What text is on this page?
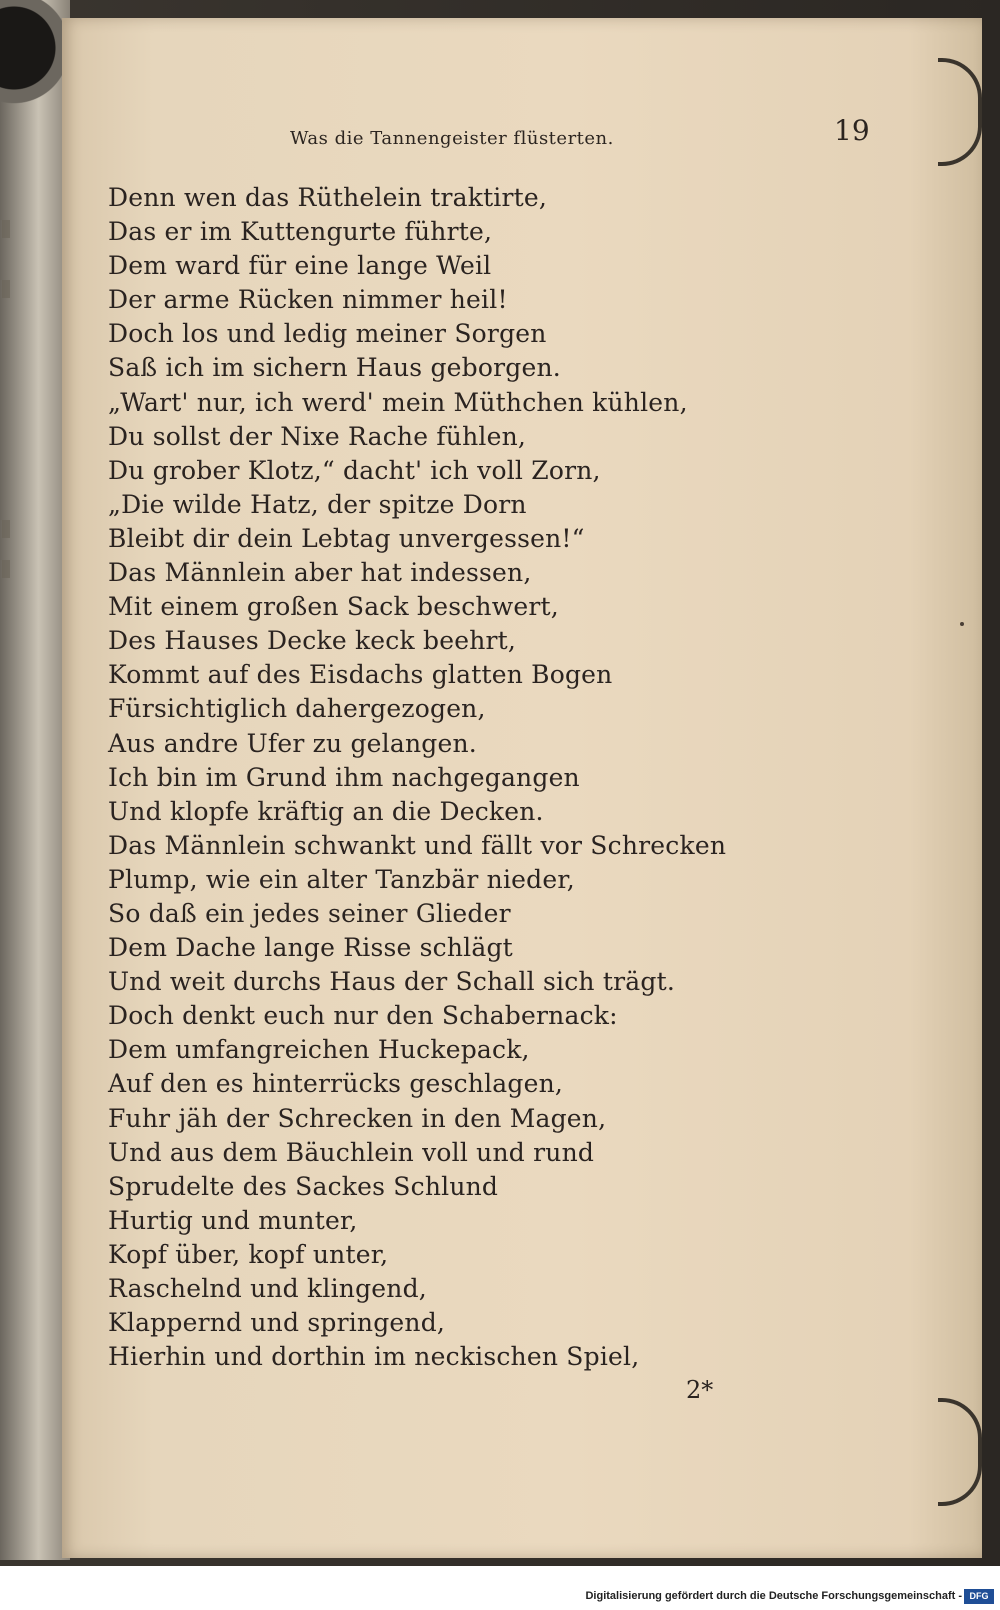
Was die Tannengeister flüsterten.	19
Denn wen das Rüthelein traktirte,
Das er im Kuttengurte führte,
Dem ward für eine lange Weil
Der arme Rücken nimmer heil!
Doch los und ledig meiner Sorgen
Saß ich im sichern Haus geborgen.
„Wart' nur, ich werd' mein Müthchen kühlen,
Du sollst der Nixe Rache fühlen,
Du grober Klotz,“ dacht' ich voll Zorn,
„Die wilde Hatz, der spitze Dorn
Bleibt dir dein Lebtag unvergessen!“
Das Männlein aber hat indessen,
Mit einem großen Sack beschwert,
Des Hauses Decke keck beehrt,
Kommt auf des Eisdachs glatten Bogen
Fürsichtiglich dahergezogen,
Aus andre Ufer zu gelangen.
Ich bin im Grund ihm nachgegangen
Und klopfe kräftig an die Decken.
Das Männlein schwankt und fällt vor Schrecken
Plump, wie ein alter Tanzbär nieder,
So daß ein jedes seiner Glieder
Dem Dache lange Risse schlägt
Und weit durchs Haus der Schall sich trägt.
Doch denkt euch nur den Schabernack:
Dem umfangreichen Huckepack,
Auf den es hinterrücks geschlagen,
Fuhr jäh der Schrecken in den Magen,
Und aus dem Bäuchlein voll und rund
Sprudelte des Sackes Schlund
Hurtig und munter,
Kopf über, kopf unter,
Raschelnd und klingend,
Klappernd und springend,
Hierhin und dorthin im neckischen Spiel,
2*
Digitalisierung gefördert durch die Deutsche Forschungsgemeinschaft - DFG
